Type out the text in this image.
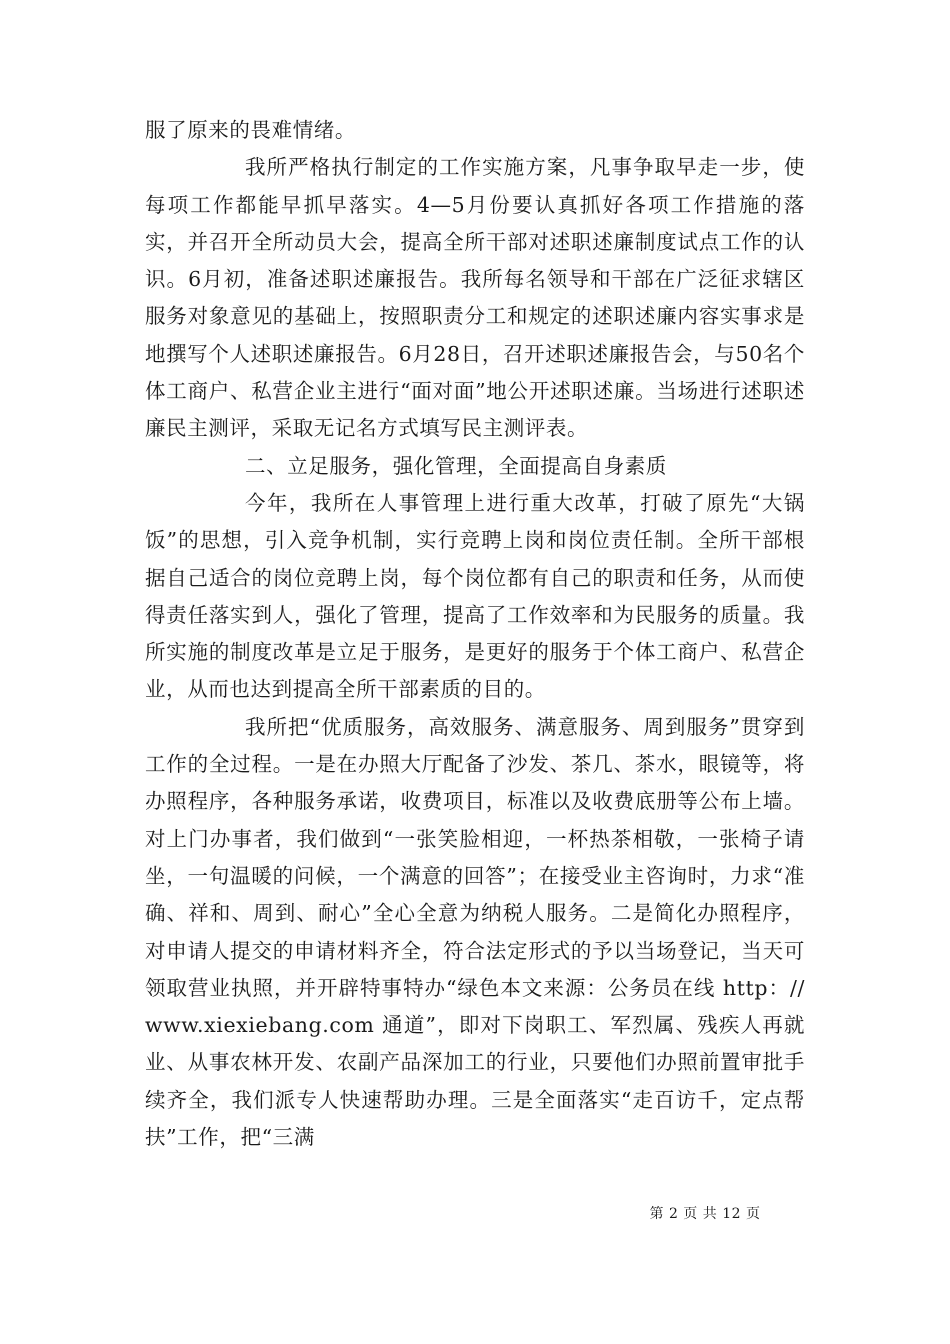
服了原来的畏难情绪。

我所严格执行制定的工作实施方案，凡事争取早走一步，使每项工作都能早抓早落实。4—5月份要认真抓好各项工作措施的落实，并召开全所动员大会，提高全所干部对述职述廉制度试点工作的认识。6月初，准备述职述廉报告。我所每名领导和干部在广泛征求辖区服务对象意见的基础上，按照职责分工和规定的述职述廉内容实事求是地撰写个人述职述廉报告。6月28日，召开述职述廉报告会，与50名个体工商户、私营企业主进行“面对面”地公开述职述廉。当场进行述职述廉民主测评，采取无记名方式填写民主测评表。

二、立足服务，强化管理，全面提高自身素质

今年，我所在人事管理上进行重大改革，打破了原先“大锅饭”的思想，引入竞争机制，实行竞聘上岗和岗位责任制。全所干部根据自己适合的岗位竞聘上岗，每个岗位都有自己的职责和任务，从而使得责任落实到人，强化了管理，提高了工作效率和为民服务的质量。我所实施的制度改革是立足于服务，是更好的服务于个体工商户、私营企业，从而也达到提高全所干部素质的目的。

我所把“优质服务，高效服务、满意服务、周到服务”贯穿到工作的全过程。一是在办照大厅配备了沙发、茶几、茶水，眼镜等，将办照程序，各种服务承诺，收费项目，标准以及收费底册等公布上墙。对上门办事者，我们做到“一张笑脸相迎，一杯热茶相敬，一张椅子请坐，一句温暖的问候，一个满意的回答”；在接受业主咨询时，力求“准确、祥和、周到、耐心”全心全意为纳税人服务。二是简化办照程序，对申请人提交的申请材料齐全，符合法定形式的予以当场登记，当天可领取营业执照，并开辟特事特办“绿色本文来源：公务员在线 http：//www.xiexiebang.com 通道”，即对下岗职工、军烈属、残疾人再就业、从事农林开发、农副产品深加工的行业，只要他们办照前置审批手续齐全，我们派专人快速帮助办理。三是全面落实“走百访千，定点帮扶”工作，把“三满

第 2 页 共 12 页
